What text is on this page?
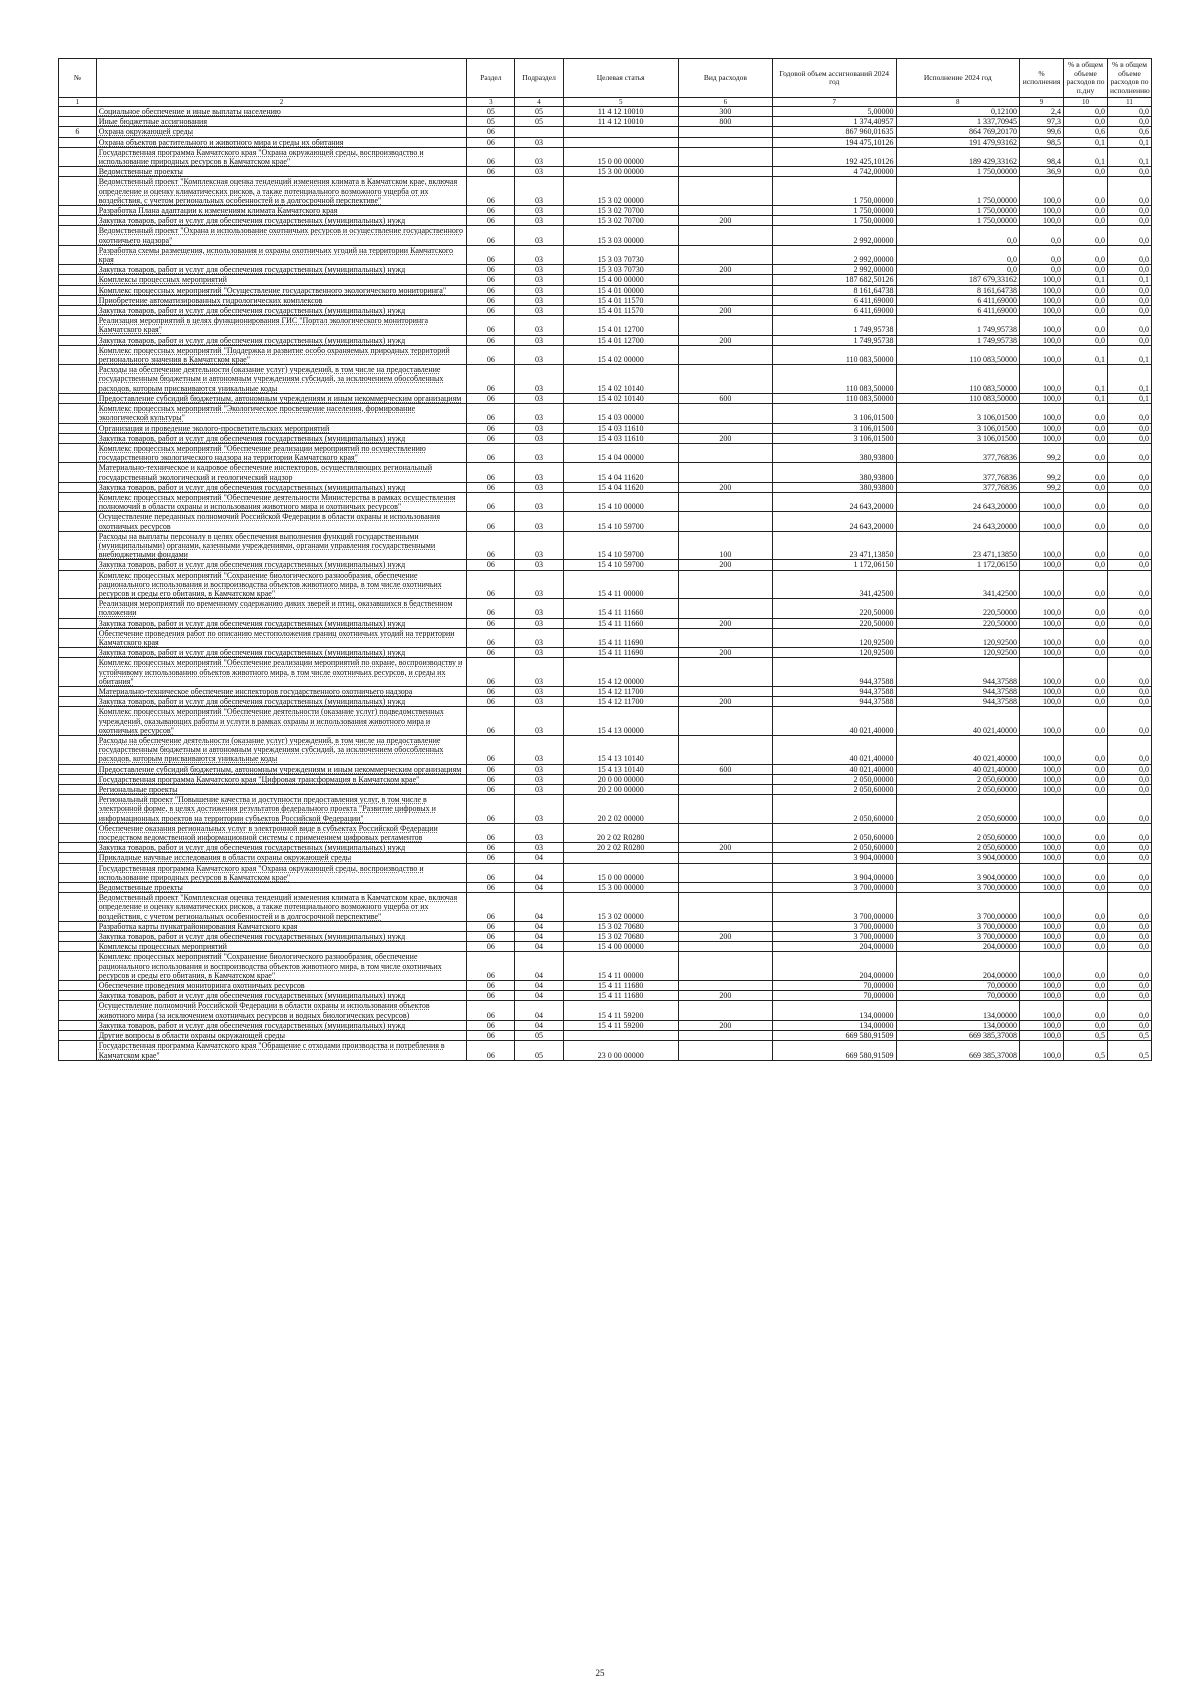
№		Раздел	Подраздел	Целевая статья	Вид расходов	Годовой объем ассигнований 2024 год	Исполнение 2024 год	% исполнения	% в общем объеме расходов по п.дну	% в общем объеме расходов по исполнению
1	2	3	4	5	6	7	8	9	10	11
	Социальное обеспечение и иные выплаты населению	05	05	11 4 12 10010	300	5,00000	0,12100	2,4	0,0	0,0
	Иные бюджетные ассигнования	05	05	11 4 12 10010	800	1 374,40957	1 337,70945	97,3	0,0	0,0
6	Охрана окружающей среды	06				867 960,01635	864 769,20170	99,6	0,6	0,6
	Охрана объектов растительного и животного мира и среды их обитания	06	03			194 475,10126	191 479,93162	98,5	0,1	0,1
	Государственная программа Камчатского края "Охрана окружающей среды, воспроизводство и использование природных ресурсов в Камчатском крае"	06	03	15 0 00 00000		192 425,10126	189 429,33162	98,4	0,1	0,1
	Ведомственные проекты	06	03	15 3 00 00000		4 742,00000	1 750,00000	36,9	0,0	0,0
	Ведомственный проект "Комплексная оценка тенденций изменения климата в Камчатском крае, включая определение и оценку климатических рисков, а также потенциального возможного ущерба от их воздействия, с учетом региональных особенностей и в долгосрочной перспективе"	06	03	15 3 02 00000		1 750,00000	1 750,00000	100,0	0,0	0,0
	Разработка Плана адаптации к изменениям климата Камчатского края	06	03	15 3 02 70700		1 750,00000	1 750,00000	100,0	0,0	0,0
	Закупка товаров, работ и услуг для обеспечения государственных (муниципальных) нужд	06	03	15 3 02 70700	200	1 750,00000	1 750,00000	100,0	0,0	0,0
	Ведомственный проект "Охрана и использование охотничьих ресурсов и осуществление государственного охотничьего надзора"	06	03	15 3 03 00000		2 992,00000	0,0	0,0	0,0	0,0
	Разработка схемы размещения, использования и охраны охотничьих угодий на территории Камчатского края	06	03	15 3 03 70730		2 992,00000	0,0	0,0	0,0	0,0
	Закупка товаров, работ и услуг для обеспечения государственных (муниципальных) нужд	06	03	15 3 03 70730	200	2 992,00000	0,0	0,0	0,0	0,0
	Комплексы процессных мероприятий	06	03	15 4 00 00000		187 682,50126	187 679,33162	100,0	0,1	0,1
	Комплекс процессных мероприятий "Осуществление государственного экологического мониторинга"	06	03	15 4 01 00000		8 161,64738	8 161,64738	100,0	0,0	0,0
	Приобретение автоматизированных гидрологических комплексов	06	03	15 4 01 11570		6 411,69000	6 411,69000	100,0	0,0	0,0
	Закупка товаров, работ и услуг для обеспечения государственных (муниципальных) нужд	06	03	15 4 01 11570	200	6 411,69000	6 411,69000	100,0	0,0	0,0
	Реализация мероприятий в целях функционирования ГИС "Портал экологического мониторинга Камчатского края"	06	03	15 4 01 12700		1 749,95738	1 749,95738	100,0	0,0	0,0
	Закупка товаров, работ и услуг для обеспечения государственных (муниципальных) нужд	06	03	15 4 01 12700	200	1 749,95738	1 749,95738	100,0	0,0	0,0
	Комплекс процессных мероприятий "Поддержка и развитие особо охраняемых природных территорий регионального значения в Камчатском крае"	06	03	15 4 02 00000		110 083,50000	110 083,50000	100,0	0,1	0,1
	Расходы на обеспечение деятельности (оказание услуг) учреждений, в том числе на предоставление государственным бюджетным и автономным учреждениям субсидий, за исключением обособленных расходов, которым присваиваются уникальные коды	06	03	15 4 02 10140		110 083,50000	110 083,50000	100,0	0,1	0,1
	Предоставление субсидий бюджетным, автономным учреждениям и иным некоммерческим организациям	06	03	15 4 02 10140	600	110 083,50000	110 083,50000	100,0	0,1	0,1
	Комплекс процессных мероприятий "Экологическое просвещение населения, формирование экологической культуры"	06	03	15 4 03 00000		3 106,01500	3 106,01500	100,0	0,0	0,0
	Организация и проведение эколого-просветительских мероприятий	06	03	15 4 03 11610		3 106,01500	3 106,01500	100,0	0,0	0,0
	Закупка товаров, работ и услуг для обеспечения государственных (муниципальных) нужд	06	03	15 4 03 11610	200	3 106,01500	3 106,01500	100,0	0,0	0,0
	Комплекс процессных мероприятий "Обеспечение реализации мероприятий по осуществлению государственного экологического надзора на территории Камчатского края"	06	03	15 4 04 00000		380,93800	377,76836	99,2	0,0	0,0
	Материально-техническое и кадровое обеспечение инспекторов, осуществляющих региональный государственный экологический и геологический надзор	06	03	15 4 04 11620		380,93800	377,76836	99,2	0,0	0,0
	Закупка товаров, работ и услуг для обеспечения государственных (муниципальных) нужд	06	03	15 4 04 11620	200	380,93800	377,76836	99,2	0,0	0,0
	Комплекс процессных мероприятий "Обеспечение деятельности Министерства в рамках осуществления полномочий в области охраны и использования животного мира и охотничьих ресурсов"	06	03	15 4 10 00000		24 643,20000	24 643,20000	100,0	0,0	0,0
	Осуществление переданных полномочий Российской Федерации в области охраны и использования охотничьих ресурсов	06	03	15 4 10 59700		24 643,20000	24 643,20000	100,0	0,0	0,0
	Расходы на выплаты персоналу в целях обеспечения выполнения функций государственными (муниципальными) органами, казенными учреждениями, органами управления государственными внебюджетными фондами	06	03	15 4 10 59700	100	23 471,13850	23 471,13850	100,0	0,0	0,0
	Закупка товаров, работ и услуг для обеспечения государственных (муниципальных) нужд	06	03	15 4 10 59700	200	1 172,06150	1 172,06150	100,0	0,0	0,0
	Комплекс процессных мероприятий "Сохранение биологического разнообразия, обеспечение рационального использования и воспроизводства объектов животного мира, в том числе охотничьих ресурсов и среды его обитания, в Камчатском крае"	06	03	15 4 11 00000		341,42500	341,42500	100,0	0,0	0,0
	Реализация мероприятий по временному содержанию диких зверей и птиц, оказавшихся в бедственном положении	06	03	15 4 11 11660		220,50000	220,50000	100,0	0,0	0,0
	Закупка товаров, работ и услуг для обеспечения государственных (муниципальных) нужд	06	03	15 4 11 11660	200	220,50000	220,50000	100,0	0,0	0,0
	Обеспечение проведения работ по описанию местоположения границ охотничьих угодий на территории Камчатского края	06	03	15 4 11 11690		120,92500	120,92500	100,0	0,0	0,0
	Закупка товаров, работ и услуг для обеспечения государственных (муниципальных) нужд	06	03	15 4 11 11690	200	120,92500	120,92500	100,0	0,0	0,0
	Комплекс процессных мероприятий "Обеспечение реализации мероприятий по охране, воспроизводству и устойчивому использованию объектов животного мира, в том числе охотничьих ресурсов, и среды их обитания"	06	03	15 4 12 00000		944,37588	944,37588	100,0	0,0	0,0
	Материально-техническое обеспечение инспекторов государственного охотничьего надзора	06	03	15 4 12 11700		944,37588	944,37588	100,0	0,0	0,0
	Закупка товаров, работ и услуг для обеспечения государственных (муниципальных) нужд	06	03	15 4 12 11700	200	944,37588	944,37588	100,0	0,0	0,0
	Комплекс процессных мероприятий "Обеспечение деятельности (оказание услуг) подведомственных учреждений, оказывающих работы и услуги в рамках охраны и использования животного мира и охотничьих ресурсов"	06	03	15 4 13 00000		40 021,40000	40 021,40000	100,0	0,0	0,0
	Расходы на обеспечение деятельности (оказание услуг) учреждений, в том числе на предоставление государственным бюджетным и автономным учреждениям субсидий, за исключением обособленных расходов, которым присваиваются уникальные коды	06	03	15 4 13 10140		40 021,40000	40 021,40000	100,0	0,0	0,0
	Предоставление субсидий бюджетным, автономным учреждениям и иным некоммерческим организациям	06	03	15 4 13 10140	600	40 021,40000	40 021,40000	100,0	0,0	0,0
	Государственная программа Камчатского края "Цифровая трансформация в Камчатском крае"	06	03	20 0 00 00000		2 050,00000	2 050,60000	100,0	0,0	0,0
	Региональные проекты	06	03	20 2 00 00000		2 050,60000	2 050,60000	100,0	0,0	0,0
	Региональный проект "Повышение качества и доступности предоставления услуг, в том числе в электронной форме, в целях достижения результатов федерального проекта "Развитие цифровых и информационных проектов на территории субъектов Российской Федерации"	06	03	20 2 02 00000		2 050,60000	2 050,60000	100,0	0,0	0,0
	Обеспечение оказания региональных услуг в электронной виде в субъектах Российской Федерации посредством ведомственной информационной системы с применением цифровых регламентов	06	03	20 2 02 R0280		2 050,60000	2 050,60000	100,0	0,0	0,0
	Закупка товаров, работ и услуг для обеспечения государственных (муниципальных) нужд	06	03	20 2 02 R0280	200	2 050,60000	2 050,60000	100,0	0,0	0,0
	Прикладные научные исследования в области охраны окружающей среды	06	04			3 904,00000	3 904,00000	100,0	0,0	0,0
	Государственная программа Камчатского края "Охрана окружающей среды, воспроизводство и использование природных ресурсов в Камчатском крае"	06	04	15 0 00 00000		3 904,00000	3 904,00000	100,0	0,0	0,0
	Ведомственные проекты	06	04	15 3 00 00000		3 700,00000	3 700,00000	100,0	0,0	0,0
	Ведомственный проект "Комплексная оценка тенденций изменения климата в Камчатском крае, включая определение и оценку климатических рисков, а также потенциального возможного ущерба от их воздействия, с учетом региональных особенностей и в долгосрочной перспективе"	06	04	15 3 02 00000		3 700,00000	3 700,00000	100,0	0,0	0,0
	Разработка карты пункатрайонирования Камчатского края	06	04	15 3 02 70680		3 700,00000	3 700,00000	100,0	0,0	0,0
	Закупка товаров, работ и услуг для обеспечения государственных (муниципальных) нужд	06	04	15 3 02 70680	200	3 700,00000	3 700,00000	100,0	0,0	0,0
	Комплексы процессных мероприятий	06	04	15 4 00 00000		204,00000	204,00000	100,0	0,0	0,0
	Комплекс процессных мероприятий "Сохранение биологического разнообразия, обеспечение рационального использования и воспроизводства объектов животного мира, в том числе охотничьих ресурсов и среды его обитания, в Камчатском крае"	06	04	15 4 11 00000		204,00000	204,00000	100,0	0,0	0,0
	Обеспечение проведения мониторинга охотничьих ресурсов	06	04	15 4 11 11680		70,00000	70,00000	100,0	0,0	0,0
	Закупка товаров, работ и услуг для обеспечения государственных (муниципальных) нужд	06	04	15 4 11 11680	200	70,00000	70,00000	100,0	0,0	0,0
	Осуществление полномочий Российской Федерации в области охраны и использования объектов животного мира (за исключением охотничьих ресурсов и водных биологических ресурсов)	06	04	15 4 11 59200		134,00000	134,00000	100,0	0,0	0,0
	Закупка товаров, работ и услуг для обеспечения государственных (муниципальных) нужд	06	04	15 4 11 59200	200	134,00000	134,00000	100,0	0,0	0,0
	Другие вопросы в области охраны окружающей среды	06	05			669 580,91509	669 385,37008	100,0	0,5	0,5
	Государственная программа Камчатского края "Обращение с отходами производства и потребления в Камчатском крае"	06	05	23 0 00 00000		669 580,91509	669 385,37008	100,0	0,5	0,5
25
